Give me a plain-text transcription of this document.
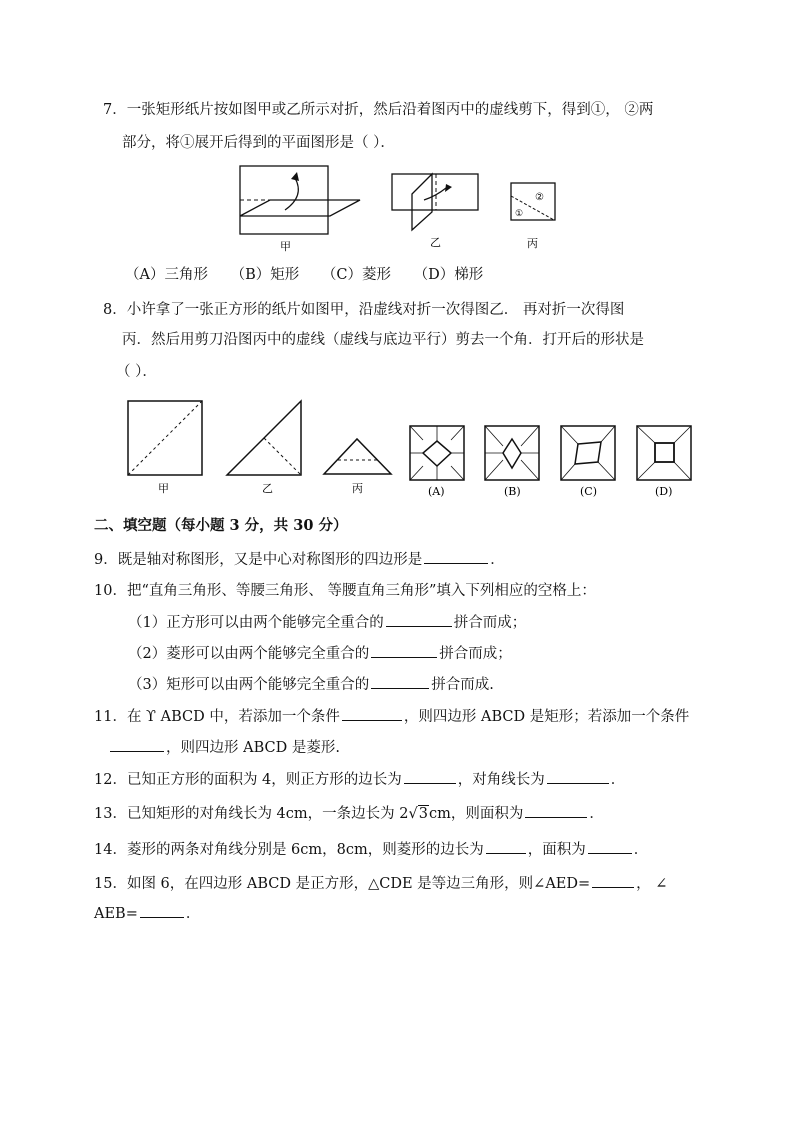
7．一张矩形纸片按如图甲或乙所示对折，然后沿着图丙中的虚线剪下，得到①， ②两
部分，将①展开后得到的平面图形是（ ）．
甲	乙
②
①
丙
（A）三角形 （B）矩形 （C）菱形 （D）梯形
8．小许拿了一张正方形的纸片如图甲，沿虚线对折一次得图乙． 再对折一次得图
丙．然后用剪刀沿图丙中的虚线（虚线与底边平行）剪去一个角．打开后的形状是
（ ）．
甲	乙	丙	(A)	(B)	(C)	(D)
二、填空题（每小题 3 分，共 30 分）
9．既是轴对称图形，又是中心对称图形的四边形是	．
10．把“直角三角形、等腰三角形、 等腰直角三角形”填入下列相应的空格上：
（1）正方形可以由两个能够完全重合的	拼合而成；
（2）菱形可以由两个能够完全重合的	拼合而成；
（3）矩形可以由两个能够完全重合的	拼合而成.
11．在 ϒ ABCD 中，若添加一个条件	，则四边形 ABCD 是矩形；若添加一个条件
，则四边形 ABCD 是菱形.
12．已知正方形的面积为 4，则正方形的边长为	，对角线长为	．
13．已知矩形的对角线长为 4cm，一条边长为 2√3cm，则面积为	．
14．菱形的两条对角线分别是 6cm，8cm，则菱形的边长为	，面积为	．
15．如图 6，在四边形 ABCD 是正方形，△CDE 是等边三角形，则∠AED=	， ∠
AEB=	．
